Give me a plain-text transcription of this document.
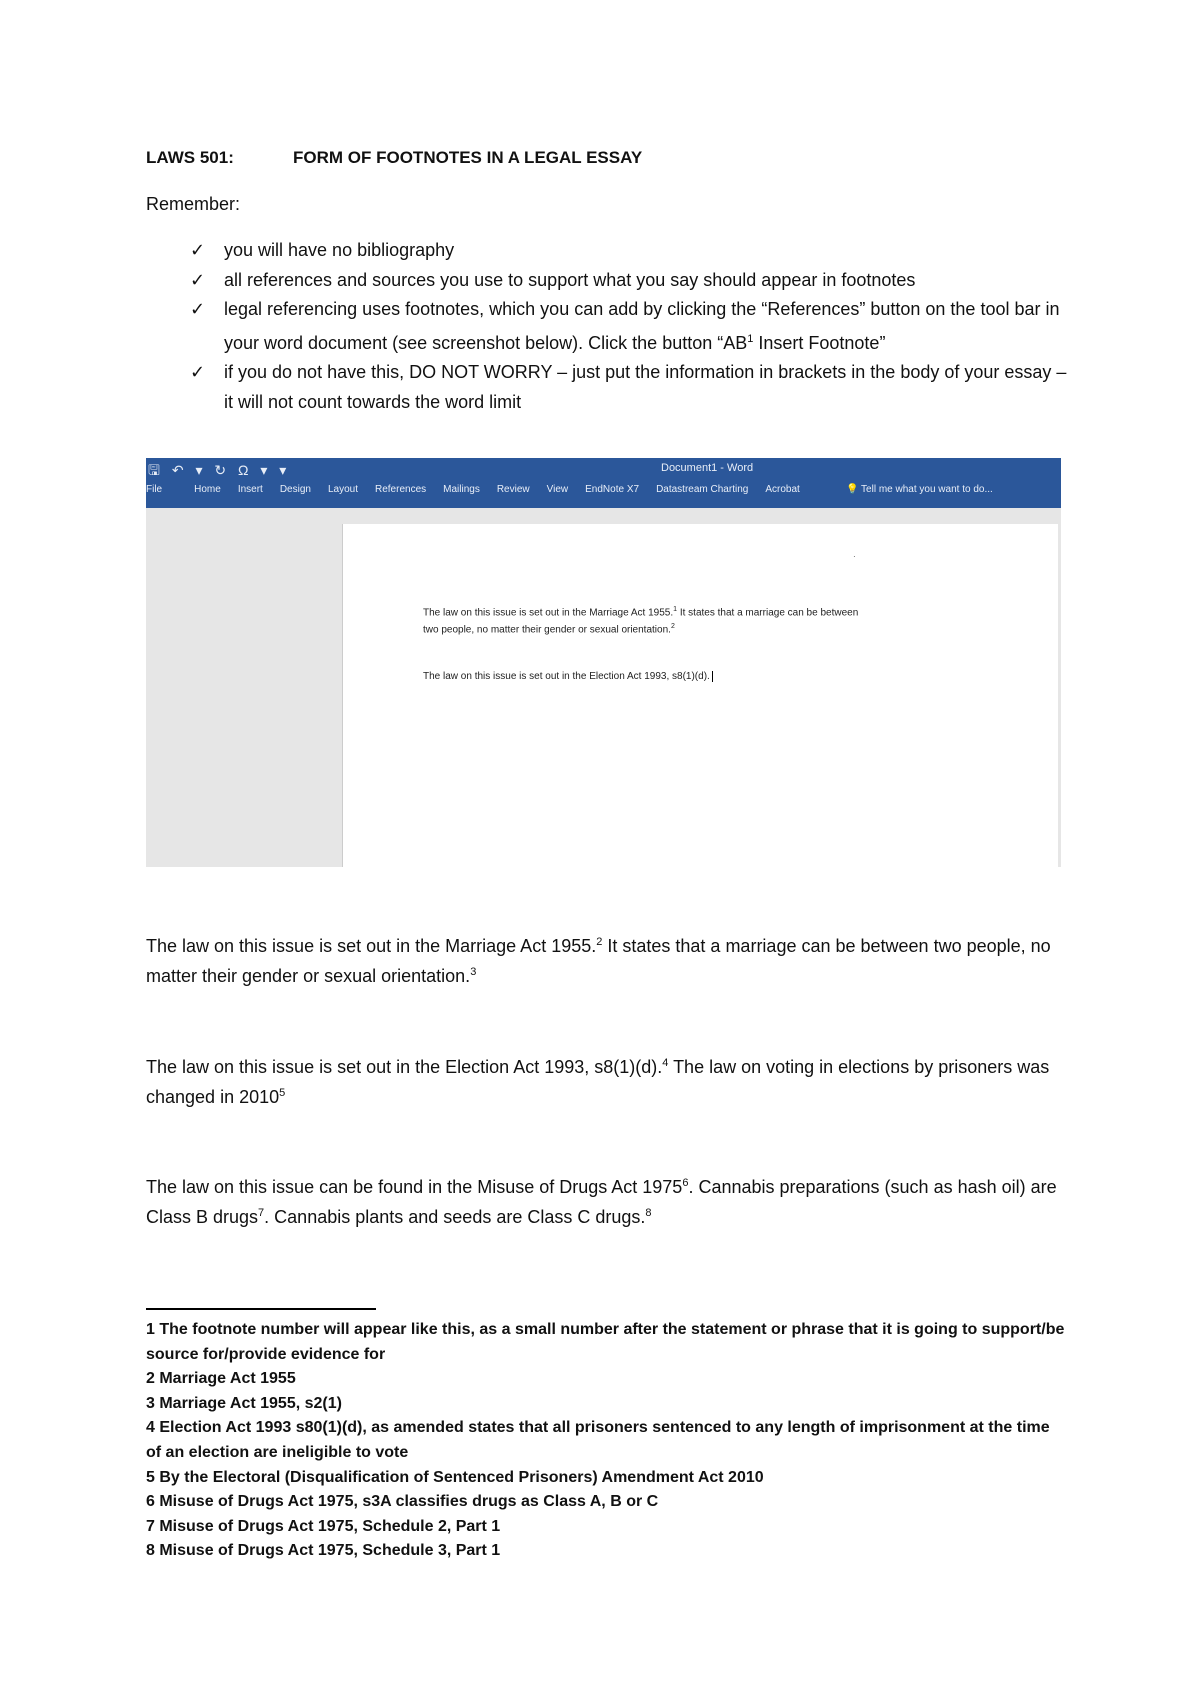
LAWS 501:	FORM OF FOOTNOTES IN A LEGAL ESSAY

Remember:

✓ you will have no bibliography
✓ all references and sources you use to support what you say should appear in footnotes
✓ legal referencing uses footnotes, which you can add by clicking the “References” button on the tool bar in your word document (see screenshot below). Click the button “$AB^1$ Insert Footnote”
✓ if you do not have this, DO NOT WORRY – just put the information in brackets in the body of your essay – it will not count towards the word limit
🖫 ↶ ▾ ↻ Ω ▾ ▾	Document1 - Word
File	Home Insert Design Layout References Mailings Review View EndNote X7 Datastream Charting Acrobat	💡 Tell me what you want to do...
·
The law on this issue is set out in the Marriage Act 1955.$^1$ It states that a marriage can be between
two people, no matter their gender or sexual orientation.$^2$
The law on this issue is set out in the Election Act 1993, s8(1)(d).

The law on this issue is set out in the Marriage Act 1955.$^2$ It states that a marriage can be between two people, no matter their gender or sexual orientation.$^3$

The law on this issue is set out in the Election Act 1993, s8(1)(d).$^4$ The law on voting in elections by prisoners was changed in 2010$^5$

The law on this issue can be found in the Misuse of Drugs Act 1975$^6$. Cannabis preparations (such as hash oil) are Class B drugs$^7$. Cannabis plants and seeds are Class C drugs.$^8$

1 The footnote number will appear like this, as a small number after the statement or phrase that it is going to support/be source for/provide evidence for

2 Marriage Act 1955

3 Marriage Act 1955, s2(1)

4 Election Act 1993 s80(1)(d), as amended states that all prisoners sentenced to any length of imprisonment at the time of an election are ineligible to vote

5 By the Electoral (Disqualification of Sentenced Prisoners) Amendment Act 2010

6 Misuse of Drugs Act 1975, s3A classifies drugs as Class A, B or C

7 Misuse of Drugs Act 1975, Schedule 2, Part 1

8 Misuse of Drugs Act 1975, Schedule 3, Part 1
